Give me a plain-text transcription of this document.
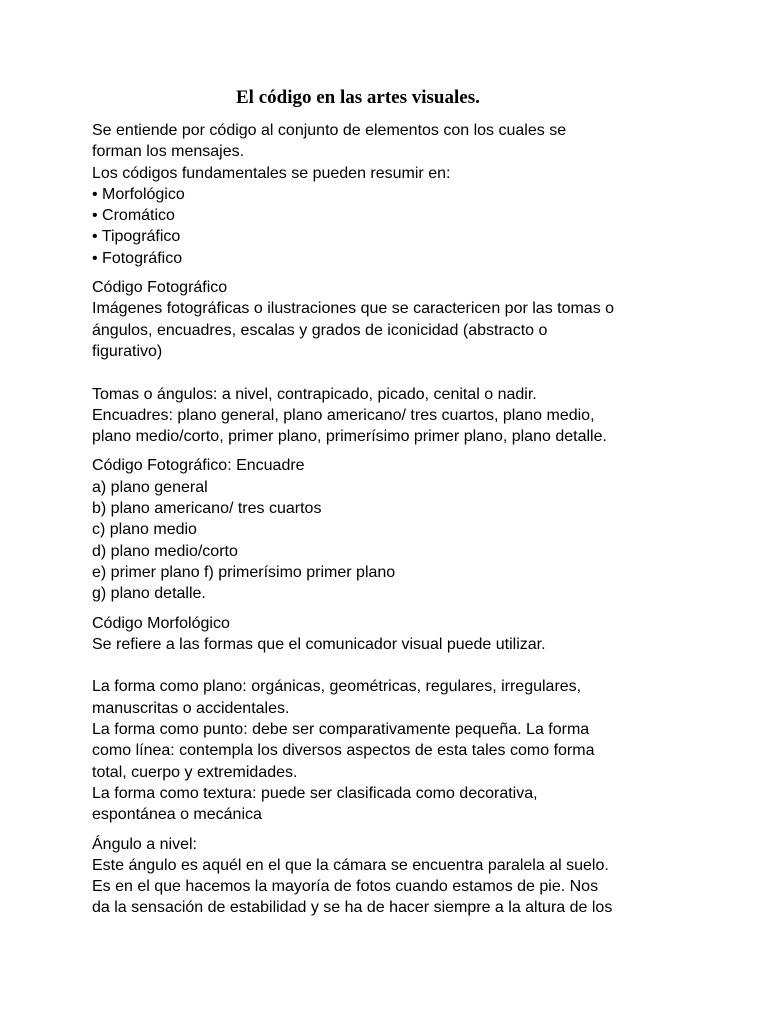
El código en las artes visuales.
Se entiende por código al conjunto de elementos con los cuales se
forman los mensajes.
Los códigos fundamentales se pueden resumir en:
• Morfológico
• Cromático
• Tipográfico
• Fotográfico
Código Fotográfico
Imágenes fotográficas o ilustraciones que se caractericen por las tomas o
ángulos, encuadres, escalas y grados de iconicidad (abstracto o
figurativo)
Tomas o ángulos: a nivel, contrapicado, picado, cenital o nadir.
Encuadres: plano general, plano americano/ tres cuartos, plano medio,
plano medio/corto, primer plano, primerísimo primer plano, plano detalle.
Código Fotográfico: Encuadre
a) plano general
b) plano americano/ tres cuartos
c) plano medio
d) plano medio/corto
e) primer plano f) primerísimo primer plano
g) plano detalle.
Código Morfológico
Se refiere a las formas que el comunicador visual puede utilizar.
La forma como plano: orgánicas, geométricas, regulares, irregulares,
manuscritas o accidentales.
La forma como punto: debe ser comparativamente pequeña. La forma
como línea: contempla los diversos aspectos de esta tales como forma
total, cuerpo y extremidades.
La forma como textura: puede ser clasificada como decorativa,
espontánea o mecánica
Ángulo a nivel:
Este ángulo es aquél en el que la cámara se encuentra paralela al suelo.
Es en el que hacemos la mayoría de fotos cuando estamos de pie. Nos
da la sensación de estabilidad y se ha de hacer siempre a la altura de los
